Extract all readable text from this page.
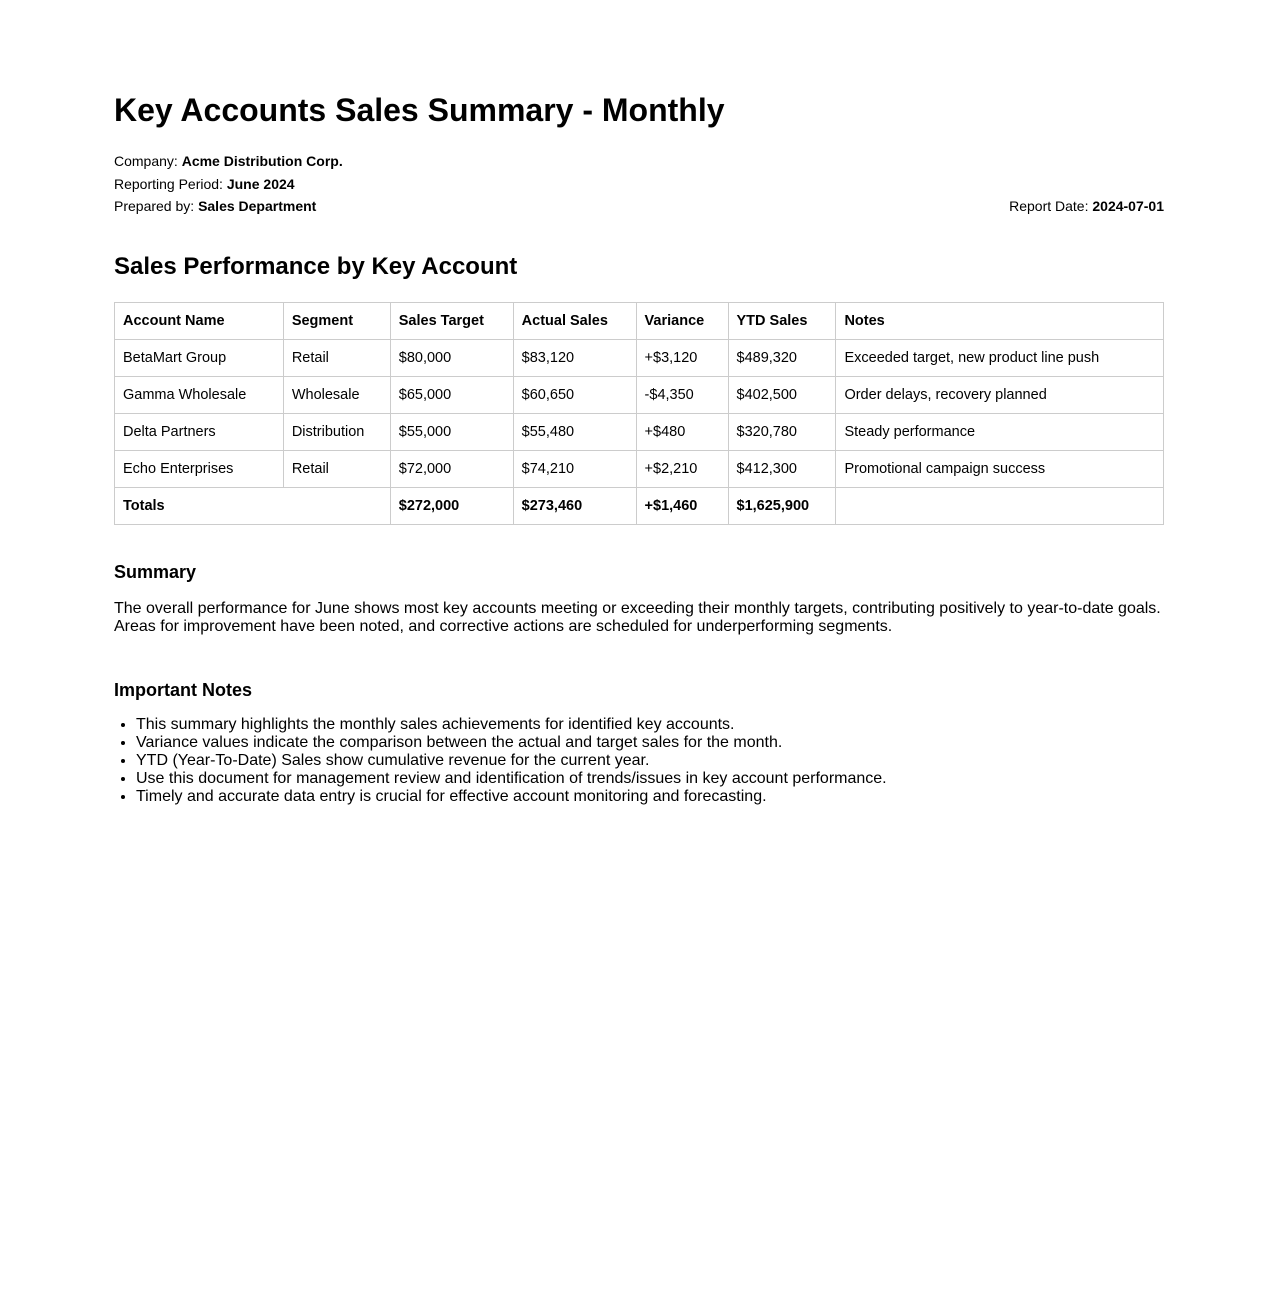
Key Accounts Sales Summary - Monthly
Company: Acme Distribution Corp.
Reporting Period: June 2024
Prepared by: Sales Department	Report Date: 2024-07-01
Sales Performance by Key Account
Account Name	Segment	Sales Target	Actual Sales	Variance	YTD Sales	Notes
BetaMart Group	Retail	$80,000	$83,120	+$3,120	$489,320	Exceeded target, new product line push
Gamma Wholesale	Wholesale	$65,000	$60,650	-$4,350	$402,500	Order delays, recovery planned
Delta Partners	Distribution	$55,000	$55,480	+$480	$320,780	Steady performance
Echo Enterprises	Retail	$72,000	$74,210	+$2,210	$412,300	Promotional campaign success
Totals		$272,000	$273,460	+$1,460	$1,625,900	
Summary

The overall performance for June shows most key accounts meeting or exceeding their monthly targets, contributing positively to year-to-date goals. Areas for improvement have been noted, and corrective actions are scheduled for underperforming segments.

Important Notes
• This summary highlights the monthly sales achievements for identified key accounts.
• Variance values indicate the comparison between the actual and target sales for the month.
• YTD (Year-To-Date) Sales show cumulative revenue for the current year.
• Use this document for management review and identification of trends/issues in key account performance.
• Timely and accurate data entry is crucial for effective account monitoring and forecasting.
